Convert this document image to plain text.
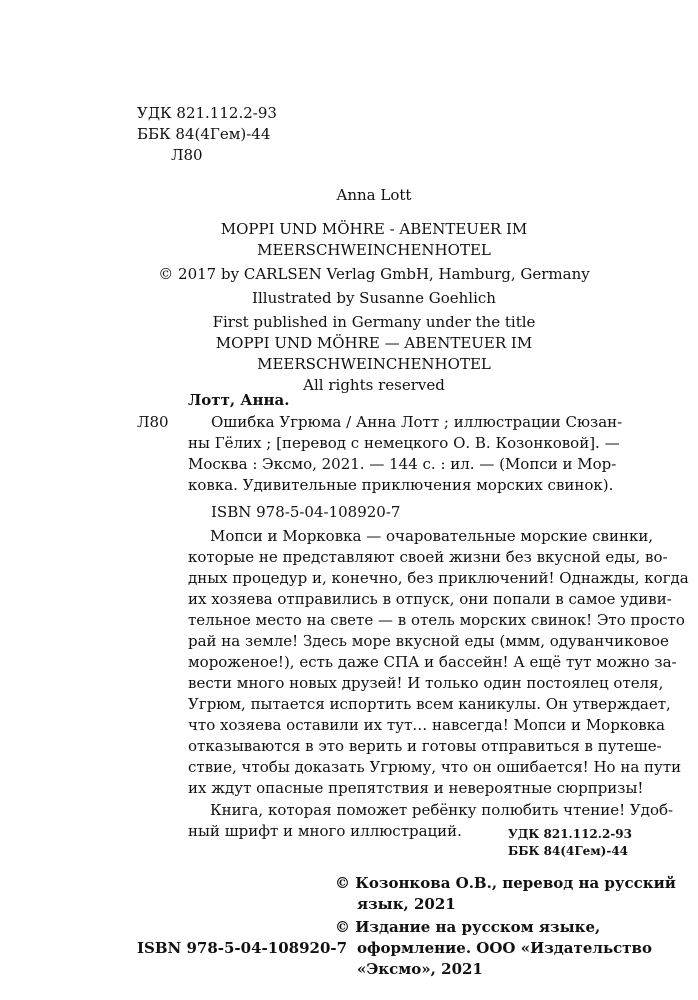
УДК 821.112.2-93
ББК 84(4Гем)-44
Л80
Anna Lott
MOPPI UND MÖHRE - ABENTEUER IM
MEERSCHWEINCHENHOTEL
© 2017 by CARLSEN Verlag GmbH, Hamburg, Germany
Illustrated by Susanne Goehlich
First published in Germany under the title
MOPPI UND MÖHRE — ABENTEUER IM
MEERSCHWEINCHENHOTEL
All rights reserved
Лотт, Анна.
Л80	Ошибка Угрюма / Анна Лотт ; иллюстрации Сюзан-
ны Гёлих ; [перевод с немецкого О. В. Козонковой]. —
Москва : Эксмо, 2021. — 144 с. : ил. — (Мопси и Мор-
ковка. Удивительные приключения морских свинок).
ISBN 978-5-04-108920-7
Мопси и Морковка — очаровательные морские свинки,
которые не представляют своей жизни без вкусной еды, во-
дных процедур и, конечно, без приключений! Однажды, когда
их хозяева отправились в отпуск, они попали в самое удиви-
тельное место на свете — в отель морских свинок! Это просто
рай на земле! Здесь море вкусной еды (ммм, одуванчиковое
мороженое!), есть даже СПА и бассейн! А ещё тут можно за-
вести много новых друзей! И только один постоялец отеля,
Угрюм, пытается испортить всем каникулы. Он утверждает,
что хозяева оставили их тут… навсегда! Мопси и Морковка
отказываются в это верить и готовы отправиться в путеше-
ствие, чтобы доказать Угрюму, что он ошибается! Но на пути
их ждут опасные препятствия и невероятные сюрпризы!
Книга, которая поможет ребёнку полюбить чтение! Удоб-
ный шрифт и много иллюстраций.	УДК 821.112.2-93
ББК 84(4Гем)-44
© Козонкова О.В., перевод на русский
язык, 2021
© Издание на русском языке,
оформление. ООО «Издательство
«Эксмо», 2021
ISBN 978-5-04-108920-7
